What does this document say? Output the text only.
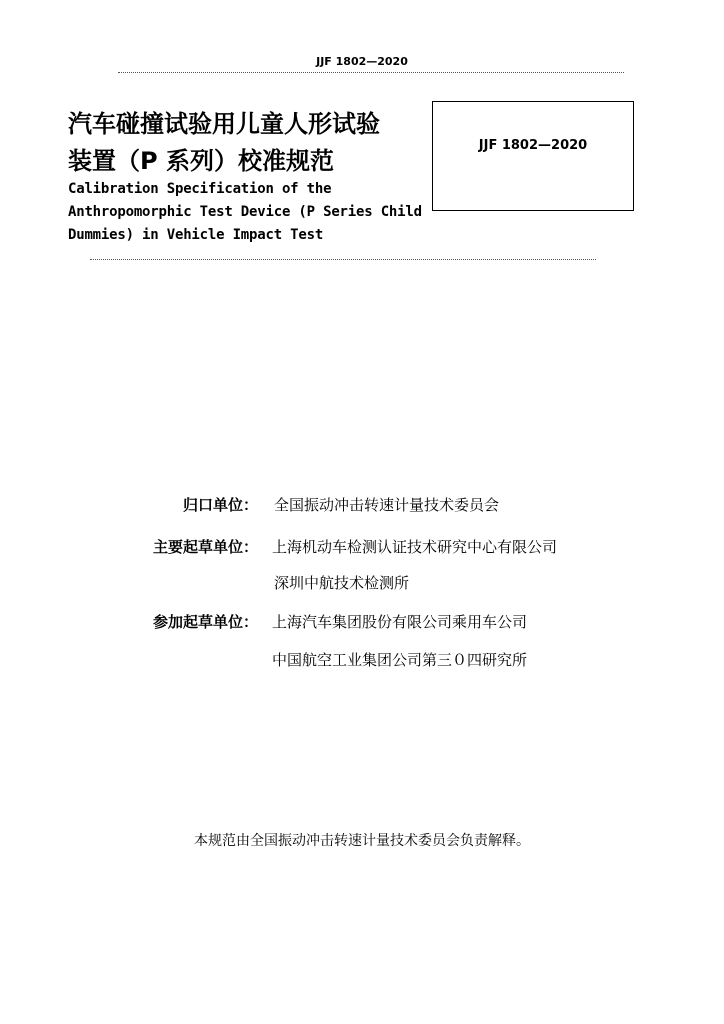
JJF 1802—2020
汽车碰撞试验用儿童人形试验
装置（P 系列）校准规范
Calibration Specification of the
Anthropomorphic Test Device (P Series Child
Dummies) in Vehicle Impact Test
JJF 1802—2020
归口单位： 全国振动冲击转速计量技术委员会
主要起草单位： 上海机动车检测认证技术研究中心有限公司
深圳中航技术检测所
参加起草单位： 上海汽车集团股份有限公司乘用车公司
中国航空工业集团公司第三０四研究所
本规范由全国振动冲击转速计量技术委员会负责解释。
